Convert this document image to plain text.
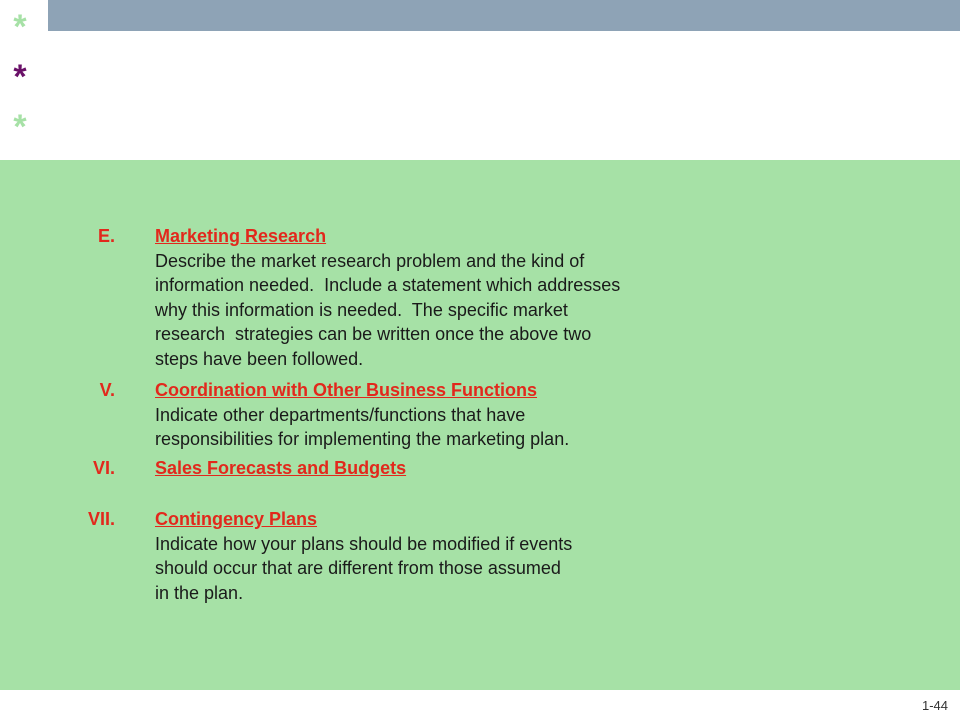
*
*
*
E. Marketing Research
Describe the market research problem and the kind of
information needed.  Include a statement which addresses
why this information is needed.  The specific market
research  strategies can be written once the above two
steps have been followed.
V. Coordination with Other Business Functions
Indicate other departments/functions that have
responsibilities for implementing the marketing plan.
VI. Sales Forecasts and Budgets
VII. Contingency Plans
Indicate how your plans should be modified if events
should occur that are different from those assumed
in the plan.
1-44
